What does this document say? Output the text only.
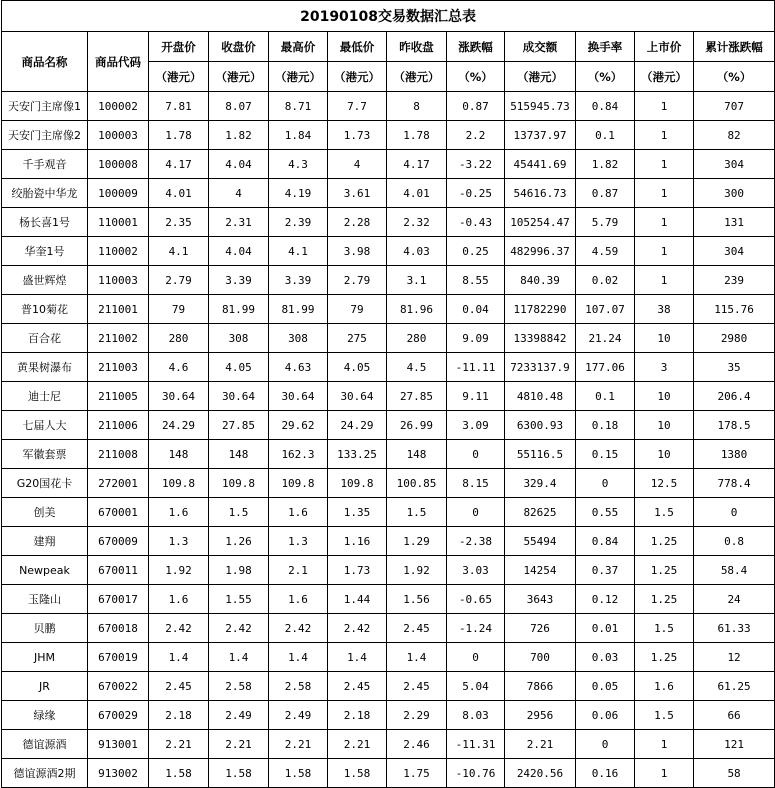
20190108交易数据汇总表											
商品名称	商品代码	开盘价	收盘价	最高价	最低价	昨收盘	涨跌幅	成交额	换手率	上市价	累计涨跌幅
		（港元）	（港元）	（港元）	（港元）	（港元）	（%）	（港元）	（%）	（港元）	（%）
天安门主席像1	100002	7.81	8.07	8.71	7.7	8	0.87	515945.73	0.84	1	707
天安门主席像2	100003	1.78	1.82	1.84	1.73	1.78	2.2	13737.97	0.1	1	82
千手观音	100008	4.17	4.04	4.3	4	4.17	-3.22	45441.69	1.82	1	304
绞胎瓷中华龙	100009	4.01	4	4.19	3.61	4.01	-0.25	54616.73	0.87	1	300
杨长喜1号	110001	2.35	2.31	2.39	2.28	2.32	-0.43	105254.47	5.79	1	131
华奎1号	110002	4.1	4.04	4.1	3.98	4.03	0.25	482996.37	4.59	1	304
盛世辉煌	110003	2.79	3.39	3.39	2.79	3.1	8.55	840.39	0.02	1	239
普10菊花	211001	79	81.99	81.99	79	81.96	0.04	11782290	107.07	38	115.76
百合花	211002	280	308	308	275	280	9.09	13398842	21.24	10	2980
黄果树瀑布	211003	4.6	4.05	4.63	4.05	4.5	-11.11	7233137.9	177.06	3	35
迪士尼	211005	30.64	30.64	30.64	30.64	27.85	9.11	4810.48	0.1	10	206.4
七届人大	211006	24.29	27.85	29.62	24.29	26.99	3.09	6300.93	0.18	10	178.5
军徽套票	211008	148	148	162.3	133.25	148	0	55116.5	0.15	10	1380
G20国花卡	272001	109.8	109.8	109.8	109.8	100.85	8.15	329.4	0	12.5	778.4
创美	670001	1.6	1.5	1.6	1.35	1.5	0	82625	0.55	1.5	0
建翔	670009	1.3	1.26	1.3	1.16	1.29	-2.38	55494	0.84	1.25	0.8
Newpeak	670011	1.92	1.98	2.1	1.73	1.92	3.03	14254	0.37	1.25	58.4
玉隆山	670017	1.6	1.55	1.6	1.44	1.56	-0.65	3643	0.12	1.25	24
贝鹏	670018	2.42	2.42	2.42	2.42	2.45	-1.24	726	0.01	1.5	61.33
JHM	670019	1.4	1.4	1.4	1.4	1.4	0	700	0.03	1.25	12
JR	670022	2.45	2.58	2.58	2.45	2.45	5.04	7866	0.05	1.6	61.25
绿缘	670029	2.18	2.49	2.49	2.18	2.29	8.03	2956	0.06	1.5	66
德谊源酒	913001	2.21	2.21	2.21	2.21	2.46	-11.31	2.21	0	1	121
德谊源酒2期	913002	1.58	1.58	1.58	1.58	1.75	-10.76	2420.56	0.16	1	58
